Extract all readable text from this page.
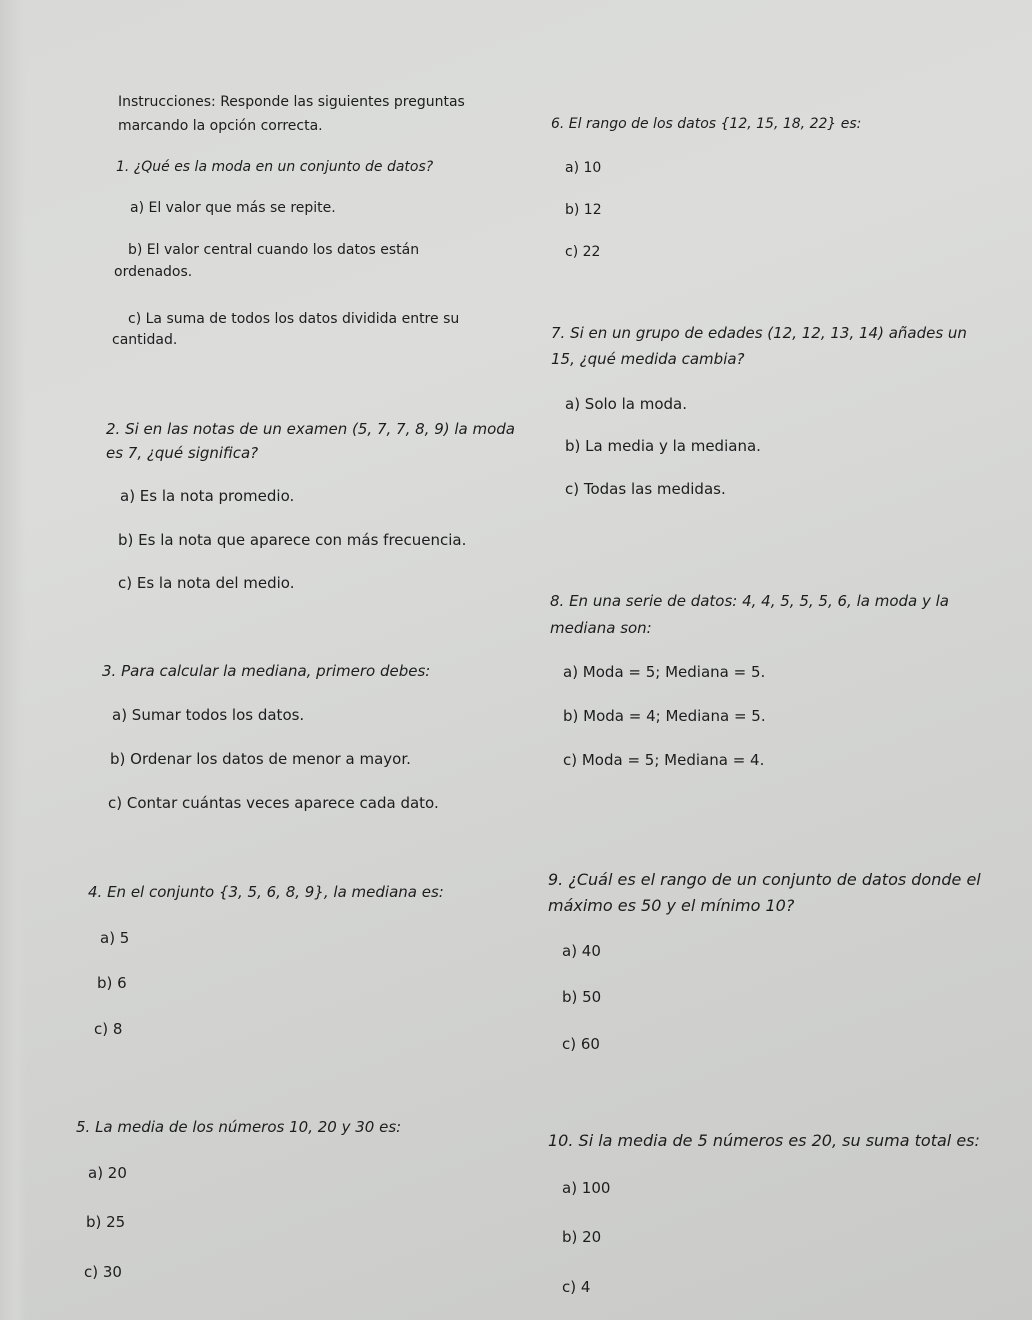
Instrucciones: Responde las siguientes preguntas
marcando la opción correcta.
1. ¿Qué es la moda en un conjunto de datos?
a) El valor que más se repite.
b) El valor central cuando los datos están
ordenados.
c) La suma de todos los datos dividida entre su
cantidad.
2. Si en las notas de un examen (5, 7, 7, 8, 9) la moda
es 7, ¿qué significa?
a) Es la nota promedio.
b) Es la nota que aparece con más frecuencia.
c) Es la nota del medio.
3. Para calcular la mediana, primero debes:
a) Sumar todos los datos.
b) Ordenar los datos de menor a mayor.
c) Contar cuántas veces aparece cada dato.
4. En el conjunto {3, 5, 6, 8, 9}, la mediana es:
a) 5
b) 6
c) 8
5. La media de los números 10, 20 y 30 es:
a) 20
b) 25
c) 30
6. El rango de los datos {12, 15, 18, 22} es:
a) 10
b) 12
c) 22
7. Si en un grupo de edades (12, 12, 13, 14) añades un
15, ¿qué medida cambia?
a) Solo la moda.
b) La media y la mediana.
c) Todas las medidas.
8. En una serie de datos: 4, 4, 5, 5, 5, 6, la moda y la
mediana son:
a) Moda = 5; Mediana = 5.
b) Moda = 4; Mediana = 5.
c) Moda = 5; Mediana = 4.
9. ¿Cuál es el rango de un conjunto de datos donde el
máximo es 50 y el mínimo 10?
a) 40
b) 50
c) 60
10. Si la media de 5 números es 20, su suma total es:
a) 100
b) 20
c) 4
